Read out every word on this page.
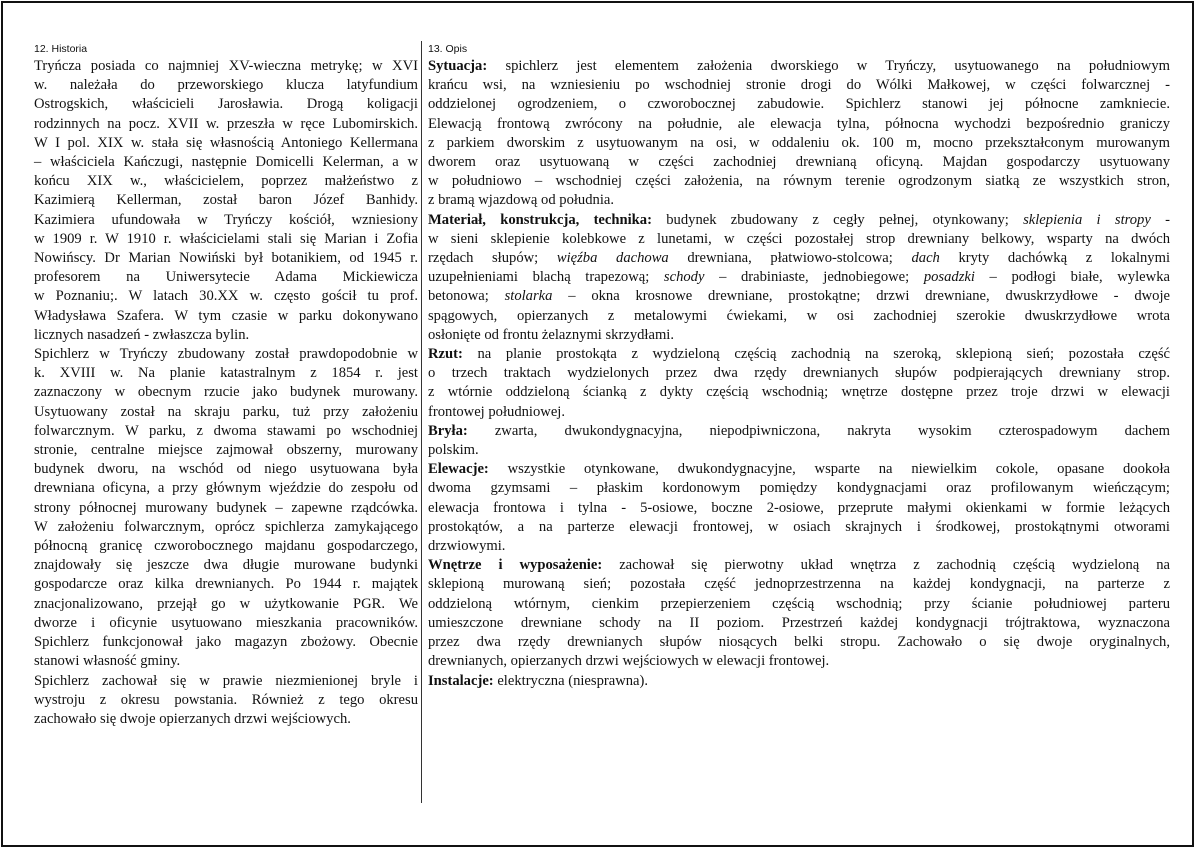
12. Historia
Tryńcza posiada co najmniej XV-wieczna metrykę; w XVI
w. należała do przeworskiego klucza latyfundium
Ostrogskich, właścicieli Jarosławia. Drogą koligacji
rodzinnych na pocz. XVII w. przeszła w ręce Lubomirskich.
W I pol. XIX w. stała się własnością Antoniego Kellermana
– właściciela Kańczugi, następnie Domicelli Kelerman, a w
końcu XIX w., właścicielem, poprzez małżeństwo z
Kazimierą Kellerman, został baron Józef Banhidy.
Kazimiera ufundowała w Tryńczy kościół, wzniesiony
w 1909 r. W 1910 r. właścicielami stali się Marian i Zofia
Nowińscy. Dr Marian Nowiński był botanikiem, od 1945 r.
profesorem na Uniwersytecie Adama Mickiewicza
w Poznaniu;. W latach 30.XX w. często gościł tu prof.
Władysława Szafera. W tym czasie w parku dokonywano
licznych nasadzeń - zwłaszcza bylin.
Spichlerz w Tryńczy zbudowany został prawdopodobnie w
k. XVIII w. Na planie katastralnym z 1854 r. jest
zaznaczony w obecnym rzucie jako budynek murowany.
Usytuowany został na skraju parku, tuż przy założeniu
folwarcznym. W parku, z dwoma stawami po wschodniej
stronie, centralne miejsce zajmował obszerny, murowany
budynek dworu, na wschód od niego usytuowana była
drewniana oficyna, a przy głównym wjeździe do zespołu od
strony północnej murowany budynek – zapewne rządcówka.
W założeniu folwarcznym, oprócz spichlerza zamykającego
północną granicę czworobocznego majdanu gospodarczego,
znajdowały się jeszcze dwa długie murowane budynki
gospodarcze oraz kilka drewnianych. Po 1944 r. majątek
znacjonalizowano, przejął go w użytkowanie PGR. We
dworze i oficynie usytuowano mieszkania pracowników.
Spichlerz funkcjonował jako magazyn zbożowy. Obecnie
stanowi własność gminy.
Spichlerz zachował się w prawie niezmienionej bryle i
wystroju z okresu powstania. Również z tego okresu
zachowało się dwoje opierzanych drzwi wejściowych.
13. Opis
Sytuacja: spichlerz jest elementem założenia dworskiego w Tryńczy, usytuowanego na południowym
krańcu wsi, na wzniesieniu po wschodniej stronie drogi do Wólki Małkowej, w części folwarcznej -
oddzielonej ogrodzeniem, o czworobocznej zabudowie. Spichlerz stanowi jej północne zamkniecie.
Elewacją frontową zwrócony na południe, ale elewacja tylna, północna wychodzi bezpośrednio graniczy
z parkiem dworskim z usytuowanym na osi, w oddaleniu ok. 100 m, mocno przekształconym murowanym
dworem oraz usytuowaną w części zachodniej drewnianą oficyną. Majdan gospodarczy usytuowany
w południowo – wschodniej części założenia, na równym terenie ogrodzonym siatką ze wszystkich stron,
z bramą wjazdową od południa.
Materiał, konstrukcja, technika: budynek zbudowany z cegły pełnej, otynkowany; sklepienia i stropy -
w sieni sklepienie kolebkowe z lunetami, w części pozostałej strop drewniany belkowy, wsparty na dwóch
rzędach słupów; więźba dachowa drewniana, płatwiowo-stolcowa; dach kryty dachówką z lokalnymi
uzupełnieniami blachą trapezową; schody – drabiniaste, jednobiegowe; posadzki – podłogi białe, wylewka
betonowa; stolarka – okna krosnowe drewniane, prostokątne; drzwi drewniane, dwuskrzydłowe - dwoje
spągowych, opierzanych z metalowymi ćwiekami, w osi zachodniej szerokie dwuskrzydłowe wrota
osłonięte od frontu żelaznymi skrzydłami.
Rzut: na planie prostokąta z wydzieloną częścią zachodnią na szeroką, sklepioną sień; pozostała część
o trzech traktach wydzielonych przez dwa rzędy drewnianych słupów podpierających drewniany strop.
z wtórnie oddzieloną ścianką z dykty częścią wschodnią; wnętrze dostępne przez troje drzwi w elewacji
frontowej południowej.
Bryła: zwarta, dwukondygnacyjna, niepodpiwniczona, nakryta wysokim czterospadowym dachem
polskim.
Elewacje: wszystkie otynkowane, dwukondygnacyjne, wsparte na niewielkim cokole, opasane dookoła
dwoma gzymsami – płaskim kordonowym pomiędzy kondygnacjami oraz profilowanym wieńczącym;
elewacja frontowa i tylna - 5-osiowe, boczne 2-osiowe, przeprute małymi okienkami w formie leżących
prostokątów, a na parterze elewacji frontowej, w osiach skrajnych i środkowej, prostokątnymi otworami
drzwiowymi.
Wnętrze i wyposażenie: zachował się pierwotny układ wnętrza z zachodnią częścią wydzieloną na
sklepioną murowaną sień; pozostała część jednoprzestrzenna na każdej kondygnacji, na parterze z
oddzieloną wtórnym, cienkim przepierzeniem częścią wschodnią; przy ścianie południowej parteru
umieszczone drewniane schody na II poziom. Przestrzeń każdej kondygnacji trójtraktowa, wyznaczona
przez dwa rzędy drewnianych słupów niosących belki stropu. Zachowało o się dwoje oryginalnych,
drewnianych, opierzanych drzwi wejściowych w elewacji frontowej.
Instalacje: elektryczna (niesprawna).
